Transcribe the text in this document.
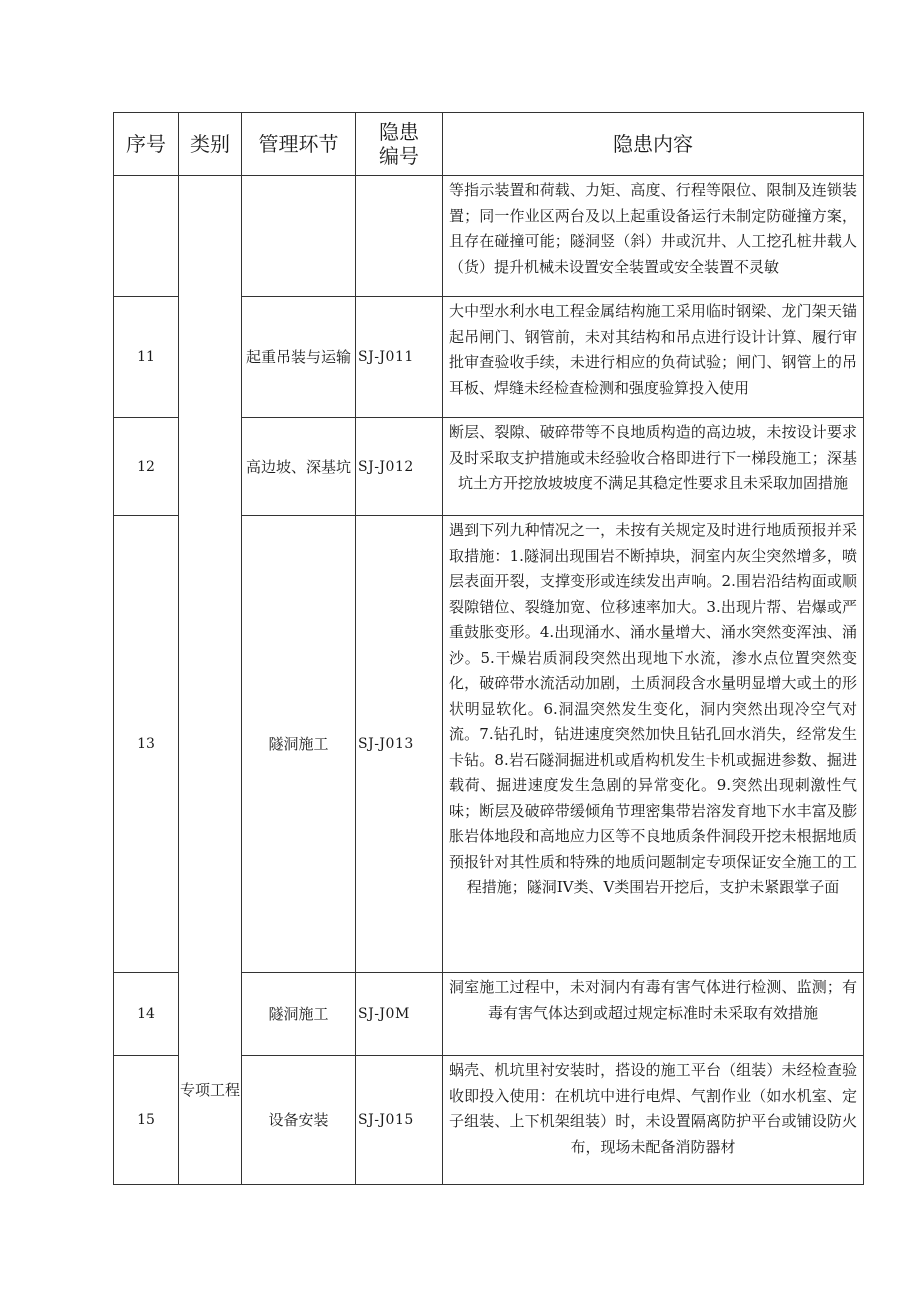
序号	类别	管理环节	隐患编号	隐患内容
	专项工程			等指示装置和荷载、力矩、高度、行程等限位、限制及连锁装置；同一作业区两台及以上起重设备运行未制定防碰撞方案，且存在碰撞可能；隧洞竖（斜）井或沉井、人工挖孔桩井载人（货）提升机械未设置安全装置或安全装置不灵敏
11		起重吊装与运输	SJ-J011	大中型水利水电工程金属结构施工采用临时钢梁、龙门架天锚起吊闸门、钢管前，未对其结构和吊点进行设计计算、履行审批审查验收手续，未进行相应的负荷试验；闸门、钢管上的吊耳板、焊缝未经检查检测和强度验算投入使用
12		高边坡、深基坑	SJ-J012	断层、裂隙、破碎带等不良地质构造的高边坡，未按设计要求及时采取支护措施或未经验收合格即进行下一梯段施工；深基坑土方开挖放坡坡度不满足其稳定性要求且未采取加固措施
13		隧洞施工	SJ-J013	遇到下列九种情况之一，未按有关规定及时进行地质预报并采取措施：1.隧洞出现围岩不断掉块，洞室内灰尘突然增多，喷层表面开裂，支撑变形或连续发出声响。2.围岩沿结构面或顺裂隙错位、裂缝加宽、位移速率加大。3.出现片帮、岩爆或严重鼓胀变形。4.出现涌水、涌水量增大、涌水突然变浑浊、涌沙。5.干燥岩质洞段突然出现地下水流，渗水点位置突然变化，破碎带水流活动加剧，土质洞段含水量明显增大或土的形状明显软化。6.洞温突然发生变化，洞内突然出现冷空气对流。7.钻孔时，钻进速度突然加快且钻孔回水消失，经常发生卡钻。8.岩石隧洞掘进机或盾构机发生卡机或掘进参数、掘进载荷、掘进速度发生急剧的异常变化。9.突然出现刺激性气味；断层及破碎带缓倾角节理密集带岩溶发育地下水丰富及膨胀岩体地段和高地应力区等不良地质条件洞段开挖未根据地质预报针对其性质和特殊的地质问题制定专项保证安全施工的工程措施；隧洞IV类、V类围岩开挖后，支护未紧跟掌子面
14		隧洞施工	SJ-J0M	洞室施工过程中，未对洞内有毒有害气体进行检测、监测；有毒有害气体达到或超过规定标准时未采取有效措施
15		设备安装	SJ-J015	蜗壳、机坑里衬安装时，搭设的施工平台（组装）未经检查验收即投入使用：在机坑中进行电焊、气割作业（如水机室、定子组装、上下机架组装）时，未设置隔离防护平台或铺设防火布，现场未配备消防器材
